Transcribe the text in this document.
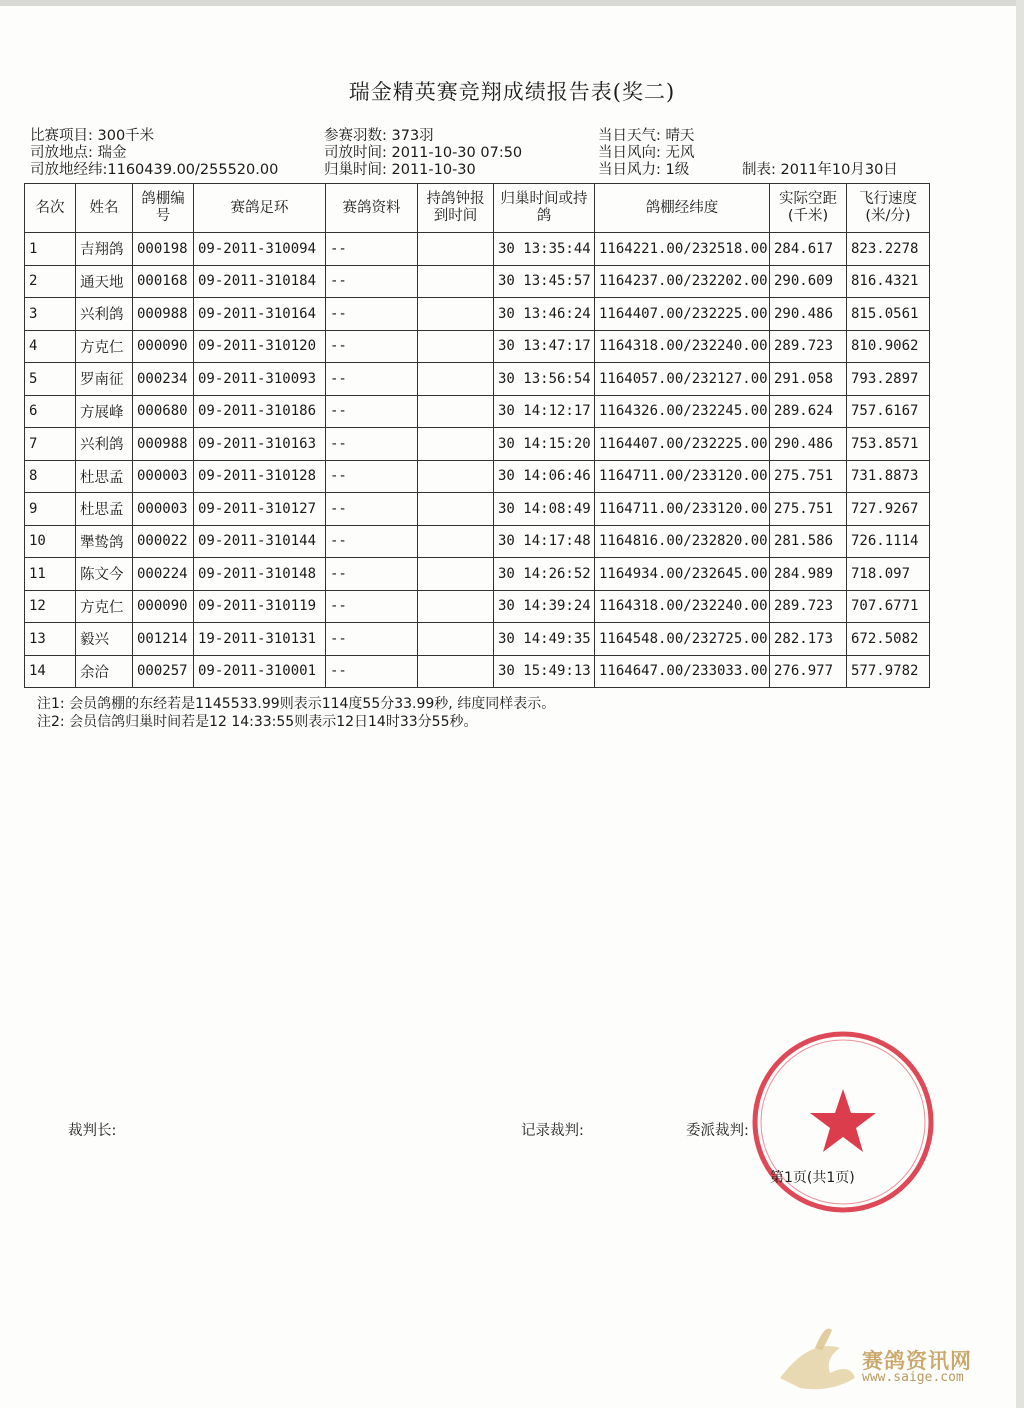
瑞金精英赛竞翔成绩报告表(奖二)
比赛项目: 300千米
司放地点: 瑞金
司放地经纬:1160439.00/255520.00
参赛羽数: 373羽
司放时间: 2011-10-30 07:50
归巢时间: 2011-10-30
当日天气: 晴天
当日风向: 无风
当日风力: 1级	制表: 2011年10月30日
名次	姓名	鸽棚编号	赛鸽足环	赛鸽资料	持鸽钟报到时间	归巢时间或持鸽	鸽棚经纬度	实际空距(千米)	飞行速度(米/分)
1	吉翔鸽	000198	09-2011-310094	--		30 13:35:44	1164221.00/232518.00	284.617	823.2278
2	通天地	000168	09-2011-310184	--		30 13:45:57	1164237.00/232202.00	290.609	816.4321
3	兴利鸽	000988	09-2011-310164	--		30 13:46:24	1164407.00/232225.00	290.486	815.0561
4	方克仁	000090	09-2011-310120	--		30 13:47:17	1164318.00/232240.00	289.723	810.9062
5	罗南征	000234	09-2011-310093	--		30 13:56:54	1164057.00/232127.00	291.058	793.2897
6	方展峰	000680	09-2011-310186	--		30 14:12:17	1164326.00/232245.00	289.624	757.6167
7	兴利鸽	000988	09-2011-310163	--		30 14:15:20	1164407.00/232225.00	290.486	753.8571
8	杜思孟	000003	09-2011-310128	--		30 14:06:46	1164711.00/233120.00	275.751	731.8873
9	杜思孟	000003	09-2011-310127	--		30 14:08:49	1164711.00/233120.00	275.751	727.9267
10	犟鸷鸽	000022	09-2011-310144	--		30 14:17:48	1164816.00/232820.00	281.586	726.1114
11	陈文今	000224	09-2011-310148	--		30 14:26:52	1164934.00/232645.00	284.989	718.097
12	方克仁	000090	09-2011-310119	--		30 14:39:24	1164318.00/232240.00	289.723	707.6771
13	毅兴	001214	19-2011-310131	--		30 14:49:35	1164548.00/232725.00	282.173	672.5082
14	余洽	000257	09-2011-310001	--		30 15:49:13	1164647.00/233033.00	276.977	577.9782
注1: 会员鸽棚的东经若是1145533.99则表示114度55分33.99秒, 纬度同样表示。
注2: 会员信鸽归巢时间若是12 14:33:55则表示12日14时33分55秒。
裁判长:	记录裁判:	委派裁判:
第1页(共1页)
赛鸽资讯网
www.saige.com
